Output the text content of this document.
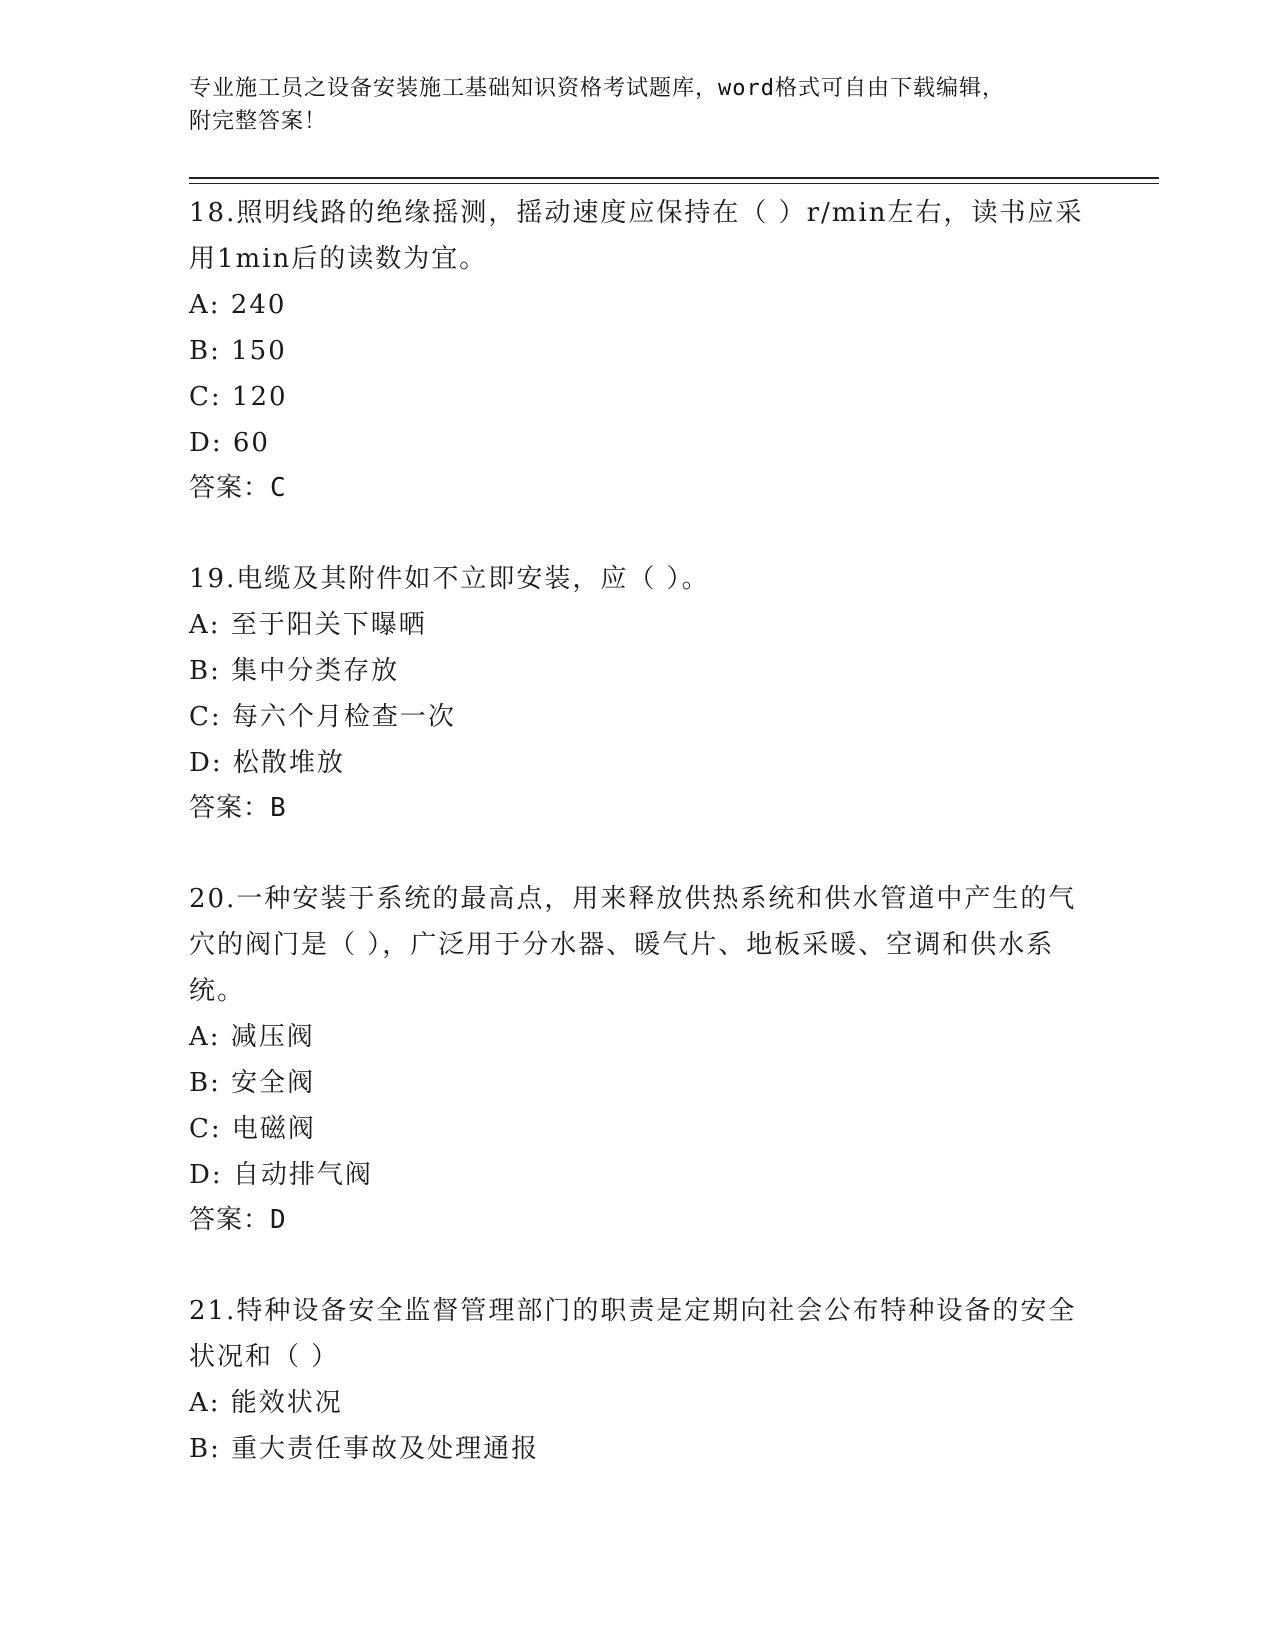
专业施工员之设备安装施工基础知识资格考试题库，word格式可自由下载编辑，
附完整答案！

18.照明线路的绝缘摇测，摇动速度应保持在（ ）r/min左右，读书应采用1min后的读数为宜。

A: 240

B: 150

C: 120

D: 60

答案：C

19.电缆及其附件如不立即安装，应（ ）。

A: 至于阳关下曝晒

B: 集中分类存放

C: 每六个月检查一次

D: 松散堆放

答案：B

20.一种安装于系统的最高点，用来释放供热系统和供水管道中产生的气穴的阀门是（ ），广泛用于分水器、暖气片、地板采暖、空调和供水系统。

A: 减压阀

B: 安全阀

C: 电磁阀

D: 自动排气阀

答案：D

21.特种设备安全监督管理部门的职责是定期向社会公布特种设备的安全状况和（ ）

A: 能效状况

B: 重大责任事故及处理通报
